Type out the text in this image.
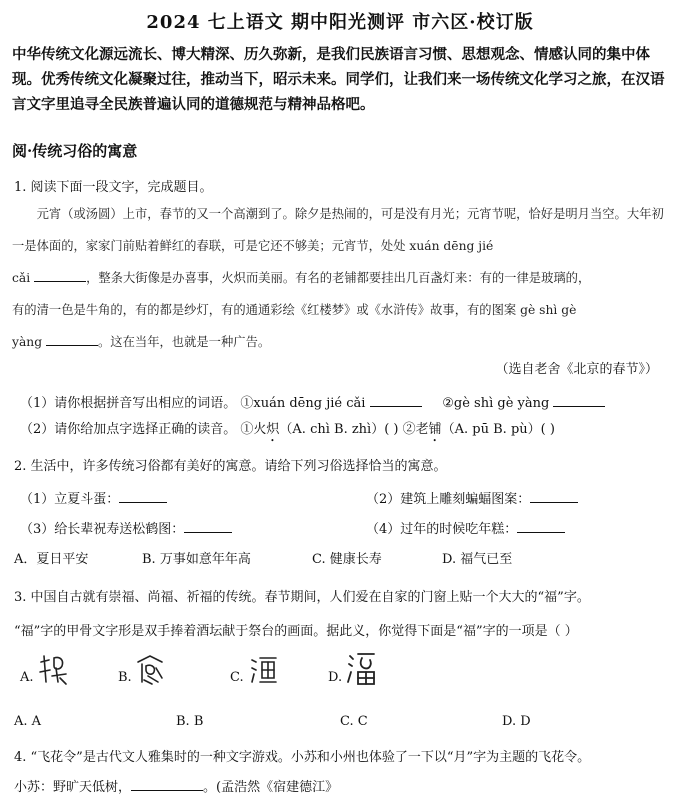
2024 七上语文 期中阳光测评 市六区·校订版
中华传统文化源远流长、博大精深、历久弥新，是我们民族语言习惯、思想观念、情感认同的集中体现。优秀传统文化凝聚过往，推动当下，昭示未来。同学们，让我们来一场传统文化学习之旅，在汉语言文字里追寻全民族普遍认同的道德规范与精神品格吧。
阅·传统习俗的寓意
1. 阅读下面一段文字，完成题目。

元宵（或汤圆）上市，春节的又一个高潮到了。除夕是热闹的，可是没有月光；元宵节呢，恰好是明月当空。大年初一是体面的，家家门前贴着鲜红的春联，可是它还不够美；元宵节，处处 xuán dēng jié

cǎi	，整条大街像是办喜事，火炽而美丽。有名的老铺都要挂出几百盏灯来：有的一律是玻璃的，
有的清一色是牛角的，有的都是纱灯，有的通通彩绘《红楼梦》或《水浒传》故事，有的图案 gè shì gè
yàng	。这在当年，也就是一种广告。
（选自老舍《北京的春节》）
（1）请你根据拼音写出相应的词语。 ①xuán dēng jié cǎi	②gè shì gè yàng
（2）请你给加点字选择正确的读音。 ①火炽（A. chì B. zhì）( ) ②老铺（A. pū B. pù）( )
2. 生活中，许多传统习俗都有美好的寓意。请给下列习俗选择恰当的寓意。
（1）立夏斗蛋：	（2）建筑上雕刻蝙蝠图案：
（3）给长辈祝寿送松鹤图：	（4）过年的时候吃年糕：
A．夏日平安	B. 万事如意年年高	C. 健康长寿	D. 福气已至
3. 中国自古就有崇福、尚福、祈福的传统。春节期间，人们爱在自家的门窗上贴一个大大的“福”字。
“福”字的甲骨文字形是双手捧着酒坛献于祭台的画面。据此义，你觉得下面是“福”字的一项是（ ）
A.	B.	C.	D.
A. A	B. B	C. C	D. D
4. “飞花令”是古代文人雅集时的一种文字游戏。小苏和小州也体验了一下以“月”字为主题的飞花令。
小苏：野旷天低树，	。(孟浩然《宿建德江》
